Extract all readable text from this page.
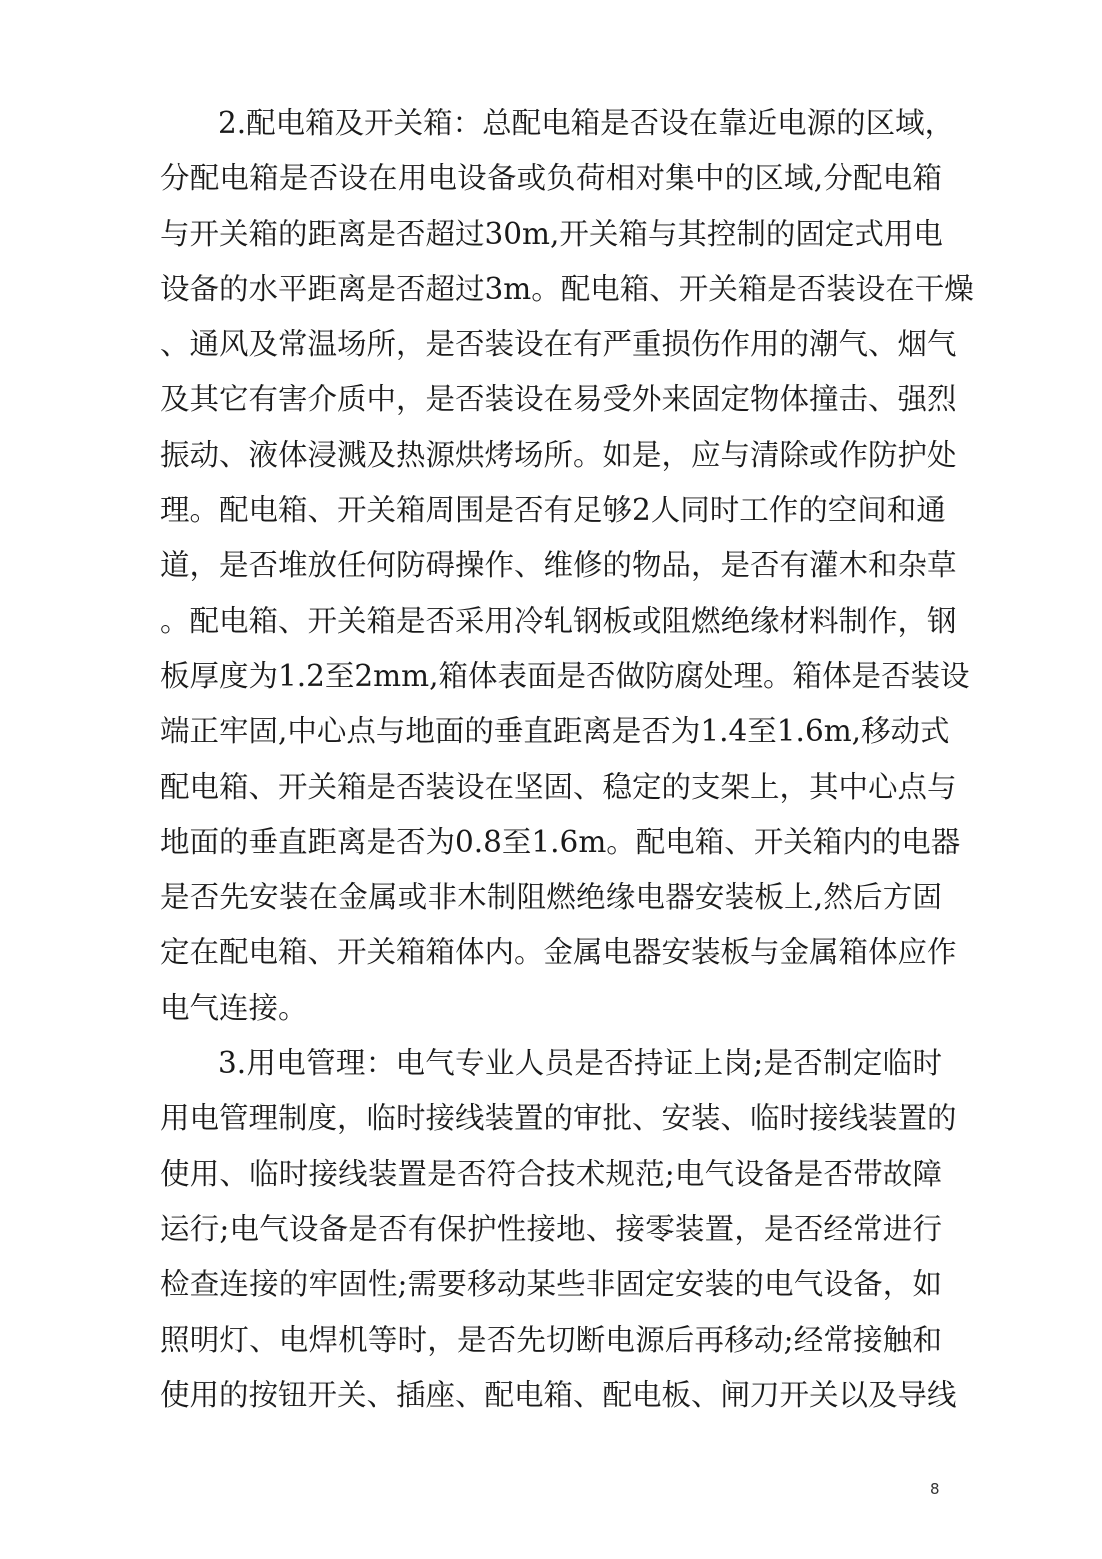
2.配电箱及开关箱：总配电箱是否设在靠近电源的区域，
分配电箱是否设在用电设备或负荷相对集中的区域,分配电箱
与开关箱的距离是否超过30m,开关箱与其控制的固定式用电
设备的水平距离是否超过3m。配电箱、开关箱是否装设在干燥
、通风及常温场所，是否装设在有严重损伤作用的潮气、烟气
及其它有害介质中，是否装设在易受外来固定物体撞击、强烈
振动、液体浸溅及热源烘烤场所。如是，应与清除或作防护处
理。配电箱、开关箱周围是否有足够2人同时工作的空间和通
道，是否堆放任何防碍操作、维修的物品，是否有灌木和杂草
。配电箱、开关箱是否采用冷轧钢板或阻燃绝缘材料制作，钢
板厚度为1.2至2mm,箱体表面是否做防腐处理。箱体是否装设
端正牢固,中心点与地面的垂直距离是否为1.4至1.6m,移动式
配电箱、开关箱是否装设在坚固、稳定的支架上，其中心点与
地面的垂直距离是否为0.8至1.6m。配电箱、开关箱内的电器
是否先安装在金属或非木制阻燃绝缘电器安装板上,然后方固
定在配电箱、开关箱箱体内。金属电器安装板与金属箱体应作
电气连接。

3.用电管理：电气专业人员是否持证上岗;是否制定临时
用电管理制度，临时接线装置的审批、安装、临时接线装置的
使用、临时接线装置是否符合技术规范;电气设备是否带故障
运行;电气设备是否有保护性接地、接零装置，是否经常进行
检查连接的牢固性;需要移动某些非固定安装的电气设备，如
照明灯、电焊机等时，是否先切断电源后再移动;经常接触和
使用的按钮开关、插座、配电箱、配电板、闸刀开关以及导线

8
